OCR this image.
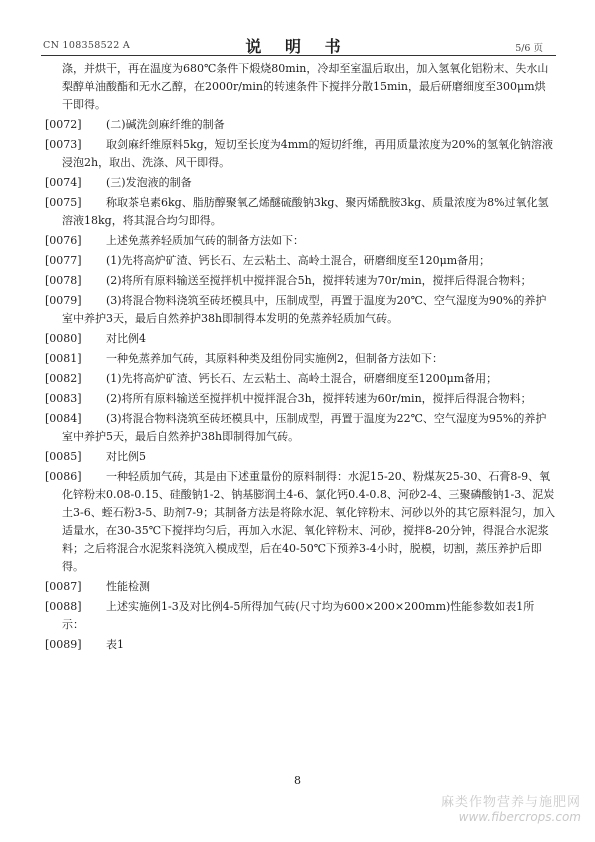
CN 108358522 A	说 明 书	5/6 页

涤，并烘干，再在温度为680℃条件下煅烧80min，冷却至室温后取出，加入氢氧化铝粉末、失水山梨醇单油酸酯和无水乙醇，在2000r/min的转速条件下搅拌分散15min，最后研磨细度至300μm烘干即得。

[0072] (二)碱洗剑麻纤维的制备

[0073] 取剑麻纤维原料5kg，短切至长度为4mm的短切纤维，再用质量浓度为20%的氢氧化钠溶液浸泡2h，取出、洗涤、风干即得。

[0074] (三)发泡液的制备

[0075] 称取茶皂素6kg、脂肪醇聚氧乙烯醚硫酸钠3kg、聚丙烯酰胺3kg、质量浓度为8%过氧化氢溶液18kg，将其混合均匀即得。

[0076] 上述免蒸养轻质加气砖的制备方法如下：

[0077] (1)先将高炉矿渣、钙长石、左云粘土、高岭土混合，研磨细度至120μm备用；

[0078] (2)将所有原料输送至搅拌机中搅拌混合5h，搅拌转速为70r/min，搅拌后得混合物料；

[0079] (3)将混合物料浇筑至砖坯模具中，压制成型，再置于温度为20℃、空气湿度为90%的养护室中养护3天，最后自然养护38h即制得本发明的免蒸养轻质加气砖。

[0080] 对比例4

[0081] 一种免蒸养加气砖，其原料种类及组份同实施例2，但制备方法如下：

[0082] (1)先将高炉矿渣、钙长石、左云粘土、高岭土混合，研磨细度至1200μm备用；

[0083] (2)将所有原料输送至搅拌机中搅拌混合3h，搅拌转速为60r/min，搅拌后得混合物料；

[0084] (3)将混合物料浇筑至砖坯模具中，压制成型，再置于温度为22℃、空气湿度为95%的养护室中养护5天，最后自然养护38h即制得加气砖。

[0085] 对比例5

[0086] 一种轻质加气砖，其是由下述重量份的原料制得：水泥15-20、粉煤灰25-30、石膏8-9、氧化锌粉末0.08-0.15、硅酸钠1-2、钠基膨润土4-6、氯化钙0.4-0.8、河砂2-4、三聚磷酸钠1-3、泥炭土3-6、蛭石粉3-5、助剂7-9；其制备方法是将除水泥、氧化锌粉末、河砂以外的其它原料混匀，加入适量水，在30-35℃下搅拌均匀后，再加入水泥、氧化锌粉末、河砂，搅拌8-20分钟，得混合水泥浆料；之后将混合水泥浆料浇筑入模成型，后在40-50℃下预养3-4小时，脱模，切割，蒸压养护后即得。

[0087] 性能检测

[0088] 上述实施例1-3及对比例4-5所得加气砖(尺寸均为600×200×200mm)性能参数如表1所示：

[0089] 表1

8
麻类作物营养与施肥网
www.fibercrops.com
